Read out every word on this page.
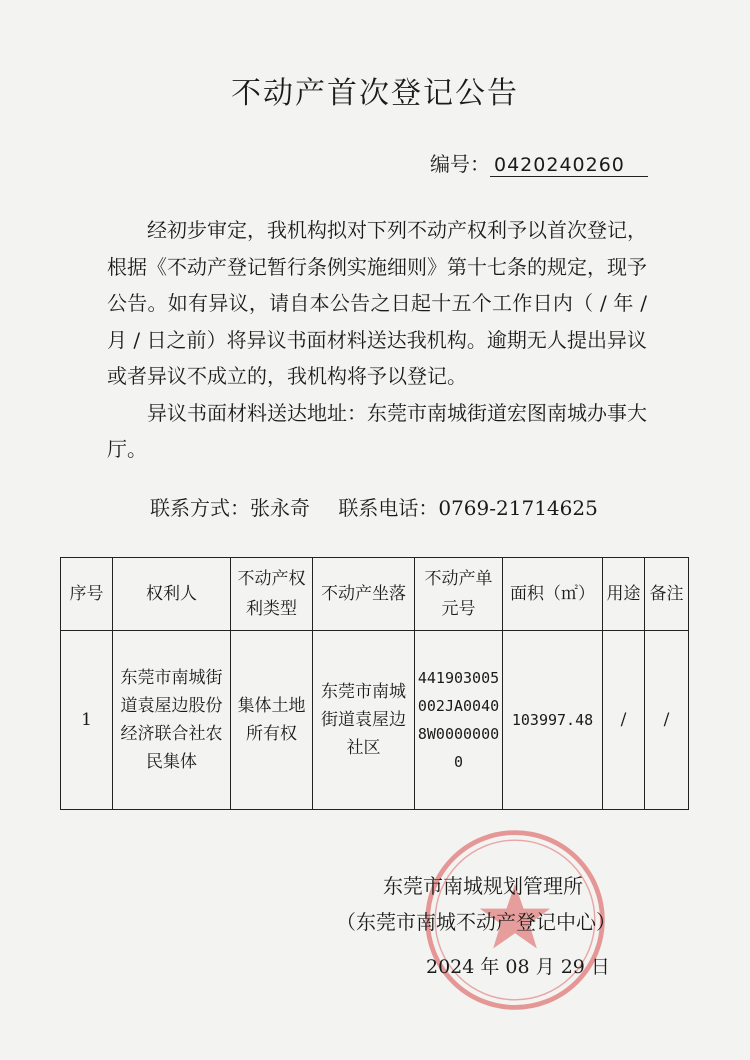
不动产首次登记公告
编号： 0420240260

经初步审定，我机构拟对下列不动产权利予以首次登记，根据《不动产登记暂行条例实施细则》第十七条的规定，现予公告。如有异议，请自本公告之日起十五个工作日内（ / 年 / 月 / 日之前）将异议书面材料送达我机构。逾期无人提出异议或者异议不成立的，我机构将予以登记。

异议书面材料送达地址：东莞市南城街道宏图南城办事大厅。

联系方式：张永奇 联系电话：0769-21714625
序号	权利人	不动产权利类型	不动产坐落	不动产单元号	面积（㎡）	用途	备注
1	东莞市南城街道袁屋边股份经济联合社农民集体	集体土地所有权	东莞市南城街道袁屋边社区	441903005002JA00408W00000000	103997.48	/	/
东莞市南城规划管理所
（东莞市南城不动产登记中心）
2024 年 08 月 29 日
